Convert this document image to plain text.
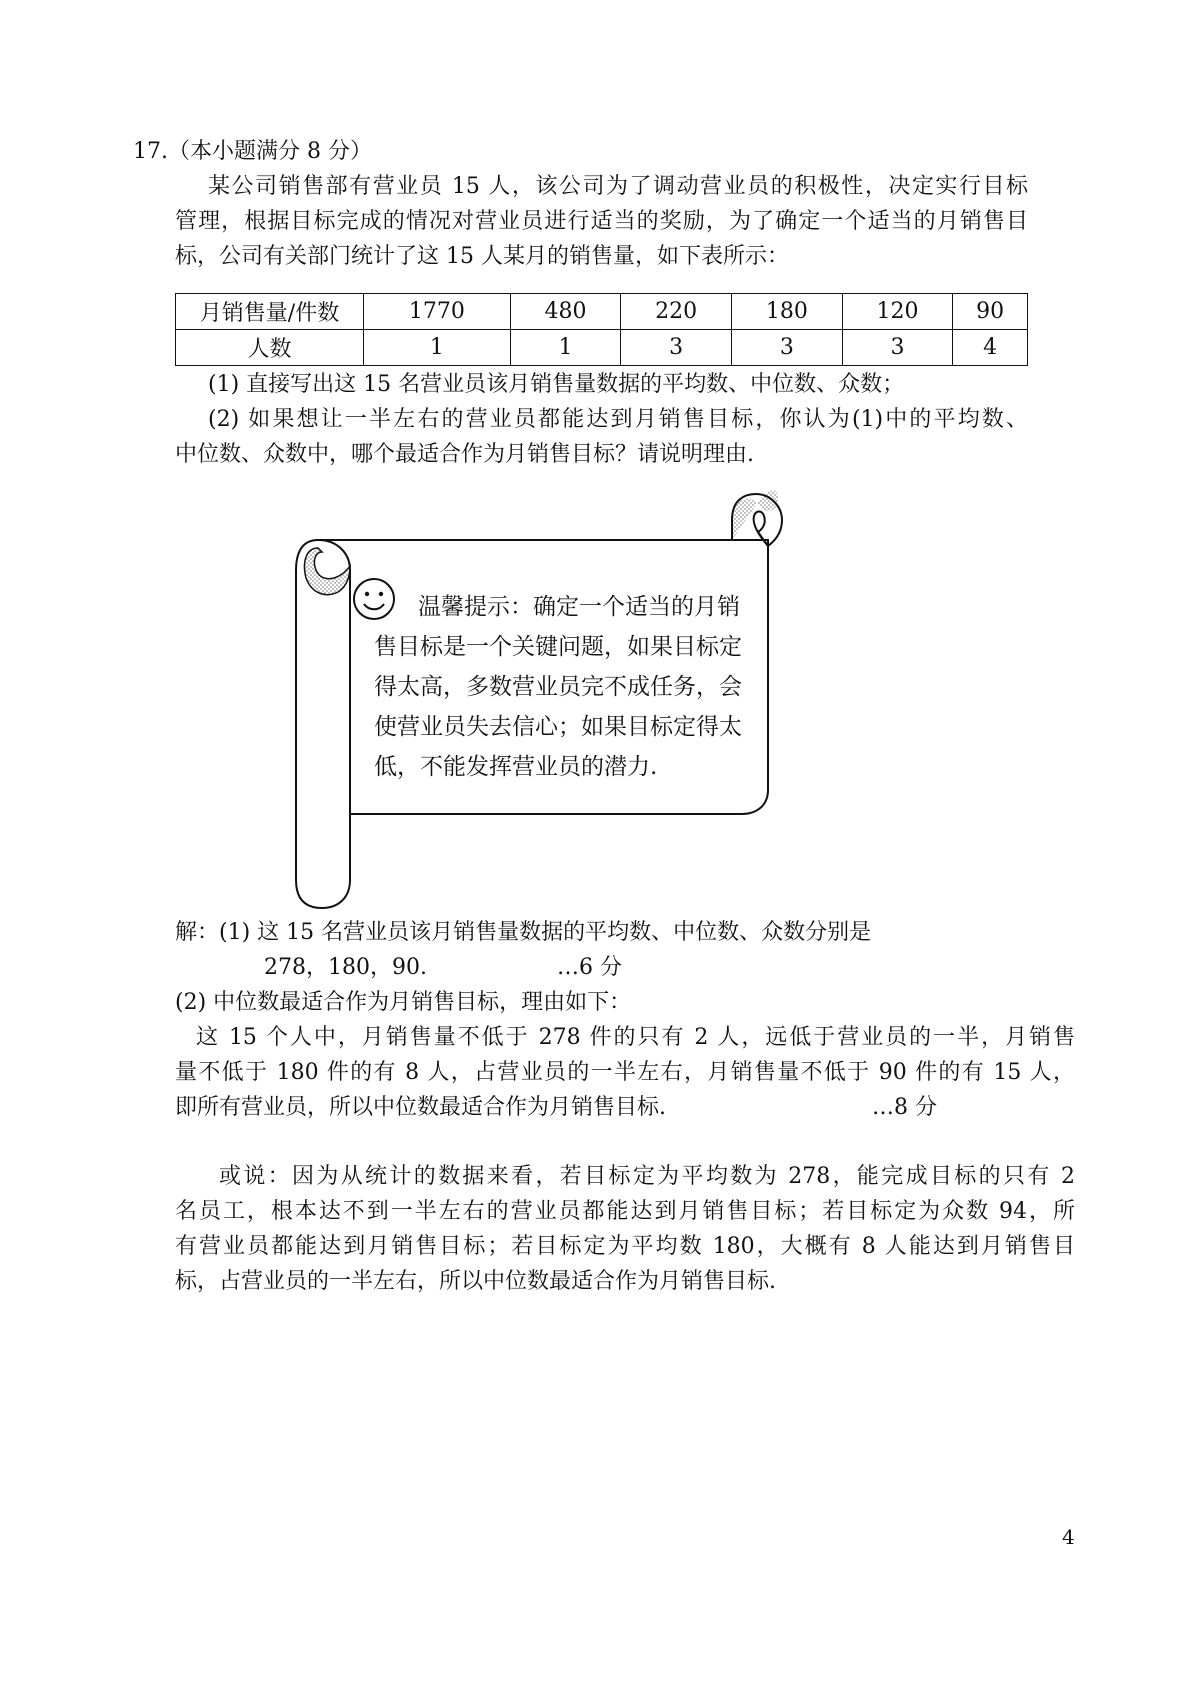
17.（本小题满分 8 分）
某公司销售部有营业员 15 人，该公司为了调动营业员的积极性，决定实行目标
管理，根据目标完成的情况对营业员进行适当的奖励，为了确定一个适当的月销售目
标，公司有关部门统计了这 15 人某月的销售量，如下表所示：
月销售量/件数	1770	480	220	180	120	90
人数	1	1	3	3	3	4
(1) 直接写出这 15 名营业员该月销售量数据的平均数、中位数、众数；
(2) 如果想让一半左右的营业员都能达到月销售目标，你认为(1)中的平均数、
中位数、众数中，哪个最适合作为月销售目标？请说明理由.
温馨提示：确定一个适当的月销
售目标是一个关键问题，如果目标定
得太高，多数营业员完不成任务，会
使营业员失去信心；如果目标定得太
低，不能发挥营业员的潜力.
解：(1) 这 15 名营业员该月销售量数据的平均数、中位数、众数分别是
278，180，90.	…6 分
(2) 中位数最适合作为月销售目标，理由如下：
这 15 个人中，月销售量不低于 278 件的只有 2 人，远低于营业员的一半，月销售
量不低于 180 件的有 8 人，占营业员的一半左右，月销售量不低于 90 件的有 15 人，
即所有营业员，所以中位数最适合作为月销售目标.	…8 分
或说：因为从统计的数据来看，若目标定为平均数为 278，能完成目标的只有 2
名员工，根本达不到一半左右的营业员都能达到月销售目标；若目标定为众数 94，所
有营业员都能达到月销售目标；若目标定为平均数 180，大概有 8 人能达到月销售目
标，占营业员的一半左右，所以中位数最适合作为月销售目标.
4
